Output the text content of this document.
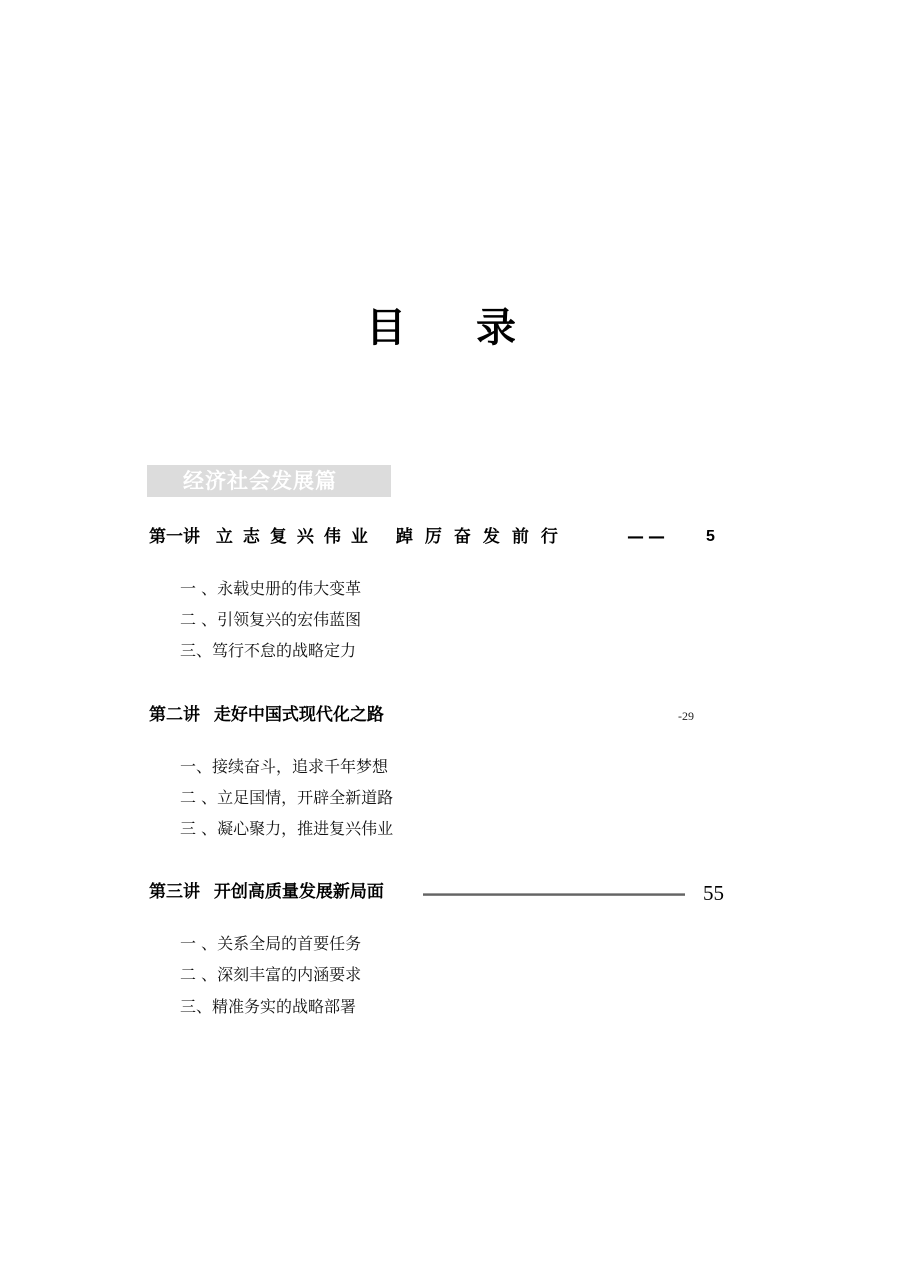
目 录
经济社会发展篇
第一讲 立志复兴伟业 踔厉奋发前行	—— 5
一 、永载史册的伟大变革
二 、引领复兴的宏伟蓝图
三、笃行不怠的战略定力
第二讲 走好中国式现代化之路	-29
一、接续奋斗，追求千年梦想
二 、立足国情，开辟全新道路
三 、凝心聚力，推进复兴伟业
第三讲 开创高质量发展新局面	55
一 、关系全局的首要任务
二 、深刻丰富的内涵要求
三、精准务实的战略部署
